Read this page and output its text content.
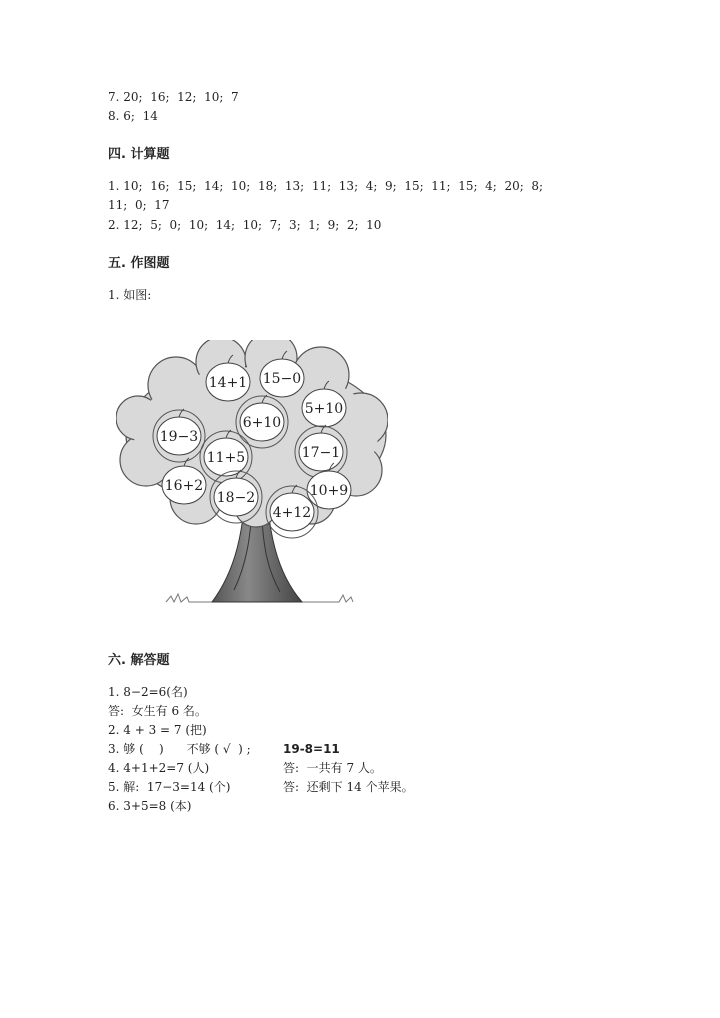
7. 20;  16;  12;  10;  7
8. 6;  14
四. 计算题
1. 10;  16;  15;  14;  10;  18;  13;  11;  13;  4;  9;  15;  11;  15;  4;  20;  8;
11;  0;  17
2. 12;  5;  0;  10;  14;  10;  7;  3;  1;  9;  2;  10
五. 作图题
1. 如图:
14+1 15−0
5+10
19−3
6+10
17−1
11+5
16+2
18−2	10+9
4+12
六. 解答题
1. 8−2=6(名)
答:  女生有 6 名。
2. 4 + 3 = 7 (把)
3. 够 (    )      不够 ( √  ) ;	19-8=11
4. 4+1+2=7 (人)	答:  一共有 7 人。
5. 解:  17−3=14 (个)	答:  还剩下 14 个苹果。
6. 3+5=8 (本)
